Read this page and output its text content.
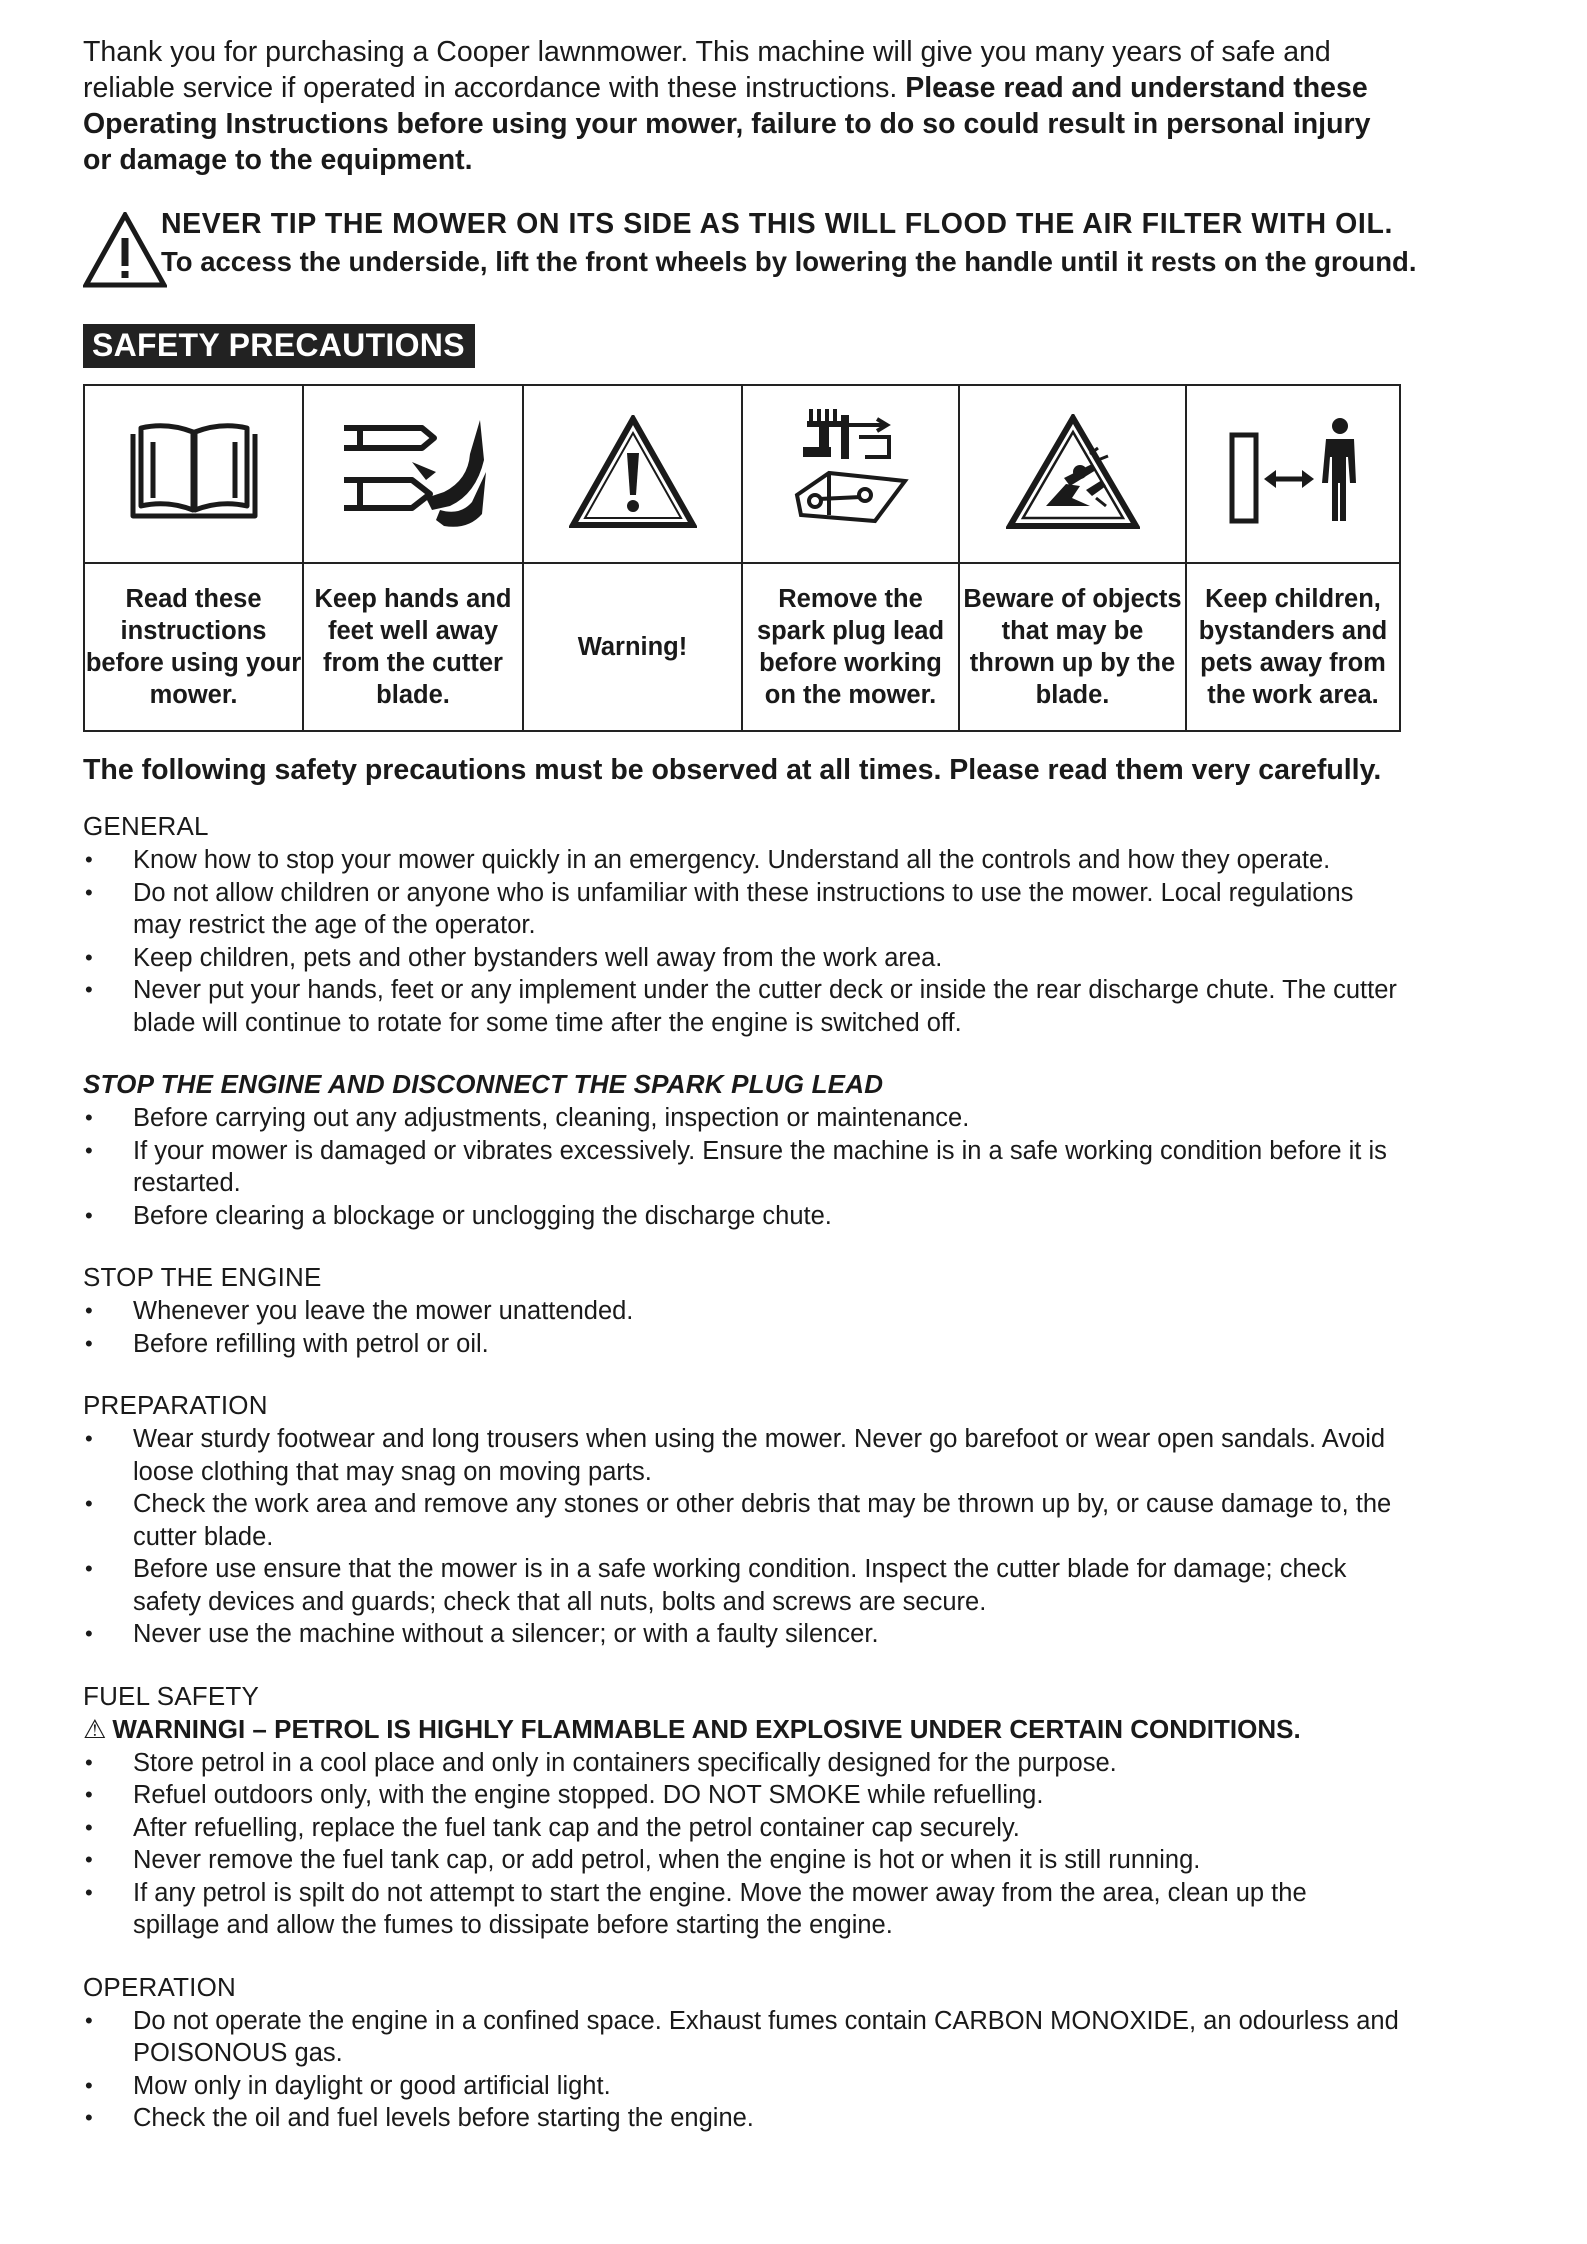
Thank you for purchasing a Cooper lawnmower. This machine will give you many years of safe and reliable service if operated in accordance with these instructions. Please read and understand these Operating Instructions before using your mower, failure to do so could result in personal injury or damage to the equipment.

NEVER TIP THE MOWER ON ITS SIDE AS THIS WILL FLOOD THE AIR FILTER WITH OIL.
To access the underside, lift the front wheels by lowering the handle until it rests on the ground.
SAFETY PRECAUTIONS

Read these instructions before using your mower.	Keep hands and feet well away from the cutter blade.	Warning!	Remove the spark plug lead before working on the mower.	Beware of objects that may be thrown up by the blade.	Keep children, bystanders and pets away from the work area.
The following safety precautions must be observed at all times. Please read them very carefully.
GENERAL
• Know how to stop your mower quickly in an emergency. Understand all the controls and how they operate.
• Do not allow children or anyone who is unfamiliar with these instructions to use the mower. Local regulations may restrict the age of the operator.
• Keep children, pets and other bystanders well away from the work area.
• Never put your hands, feet or any implement under the cutter deck or inside the rear discharge chute. The cutter blade will continue to rotate for some time after the engine is switched off.
STOP THE ENGINE AND DISCONNECT THE SPARK PLUG LEAD
• Before carrying out any adjustments, cleaning, inspection or maintenance.
• If your mower is damaged or vibrates excessively. Ensure the machine is in a safe working condition before it is restarted.
• Before clearing a blockage or unclogging the discharge chute.
STOP THE ENGINE
• Whenever you leave the mower unattended.
• Before refilling with petrol or oil.
PREPARATION
• Wear sturdy footwear and long trousers when using the mower. Never go barefoot or wear open sandals. Avoid loose clothing that may snag on moving parts.
• Check the work area and remove any stones or other debris that may be thrown up by, or cause damage to, the cutter blade.
• Before use ensure that the mower is in a safe working condition. Inspect the cutter blade for damage; check safety devices and guards; check that all nuts, bolts and screws are secure.
• Never use the machine without a silencer; or with a faulty silencer.
FUEL SAFETY
⚠ WARNINGI – PETROL IS HIGHLY FLAMMABLE AND EXPLOSIVE UNDER CERTAIN CONDITIONS.
• Store petrol in a cool place and only in containers specifically designed for the purpose.
• Refuel outdoors only, with the engine stopped. DO NOT SMOKE while refuelling.
• After refuelling, replace the fuel tank cap and the petrol container cap securely.
• Never remove the fuel tank cap, or add petrol, when the engine is hot or when it is still running.
• If any petrol is spilt do not attempt to start the engine. Move the mower away from the area, clean up the spillage and allow the fumes to dissipate before starting the engine.
OPERATION
• Do not operate the engine in a confined space. Exhaust fumes contain CARBON MONOXIDE, an odourless and POISONOUS gas.
• Mow only in daylight or good artificial light.
• Check the oil and fuel levels before starting the engine.
